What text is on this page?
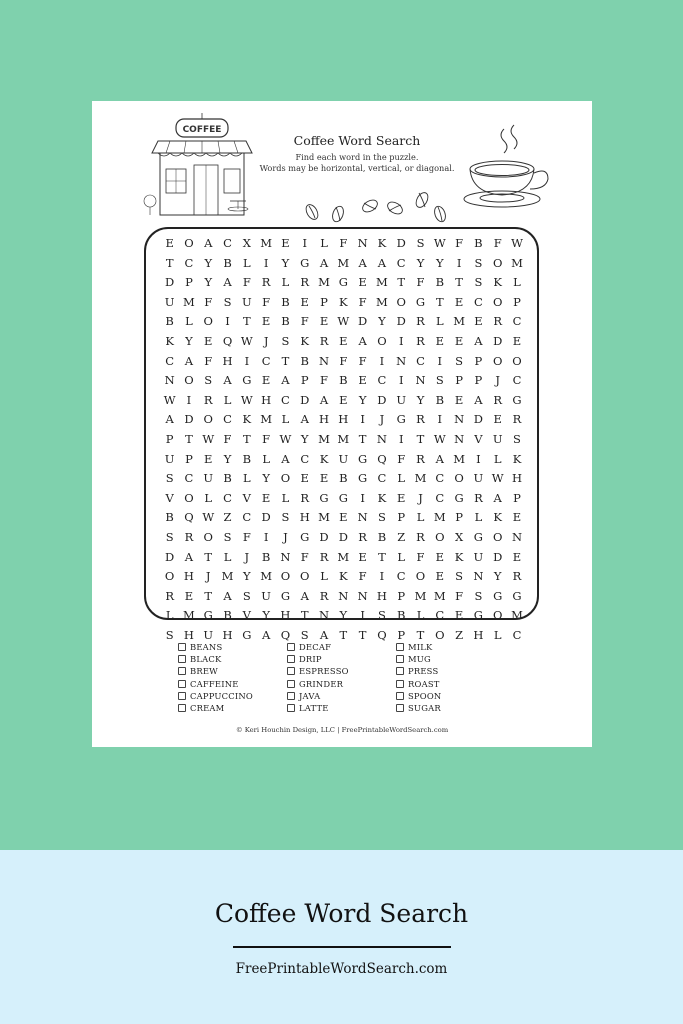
COFFEE
Coffee Word Search
Find each word in the puzzle.
Words may be horizontal, vertical, or diagonal.
E O A C X M E	I	L F N K D S W F B F W
T C Y B L	I	Y G A M A A C Y	Y	I	S O M
D P	Y A F R L R M G E M T F B T	S K L
U M F S U F B E P K F M O G T E C O P
B L O	I	T E B F E W D Y D R L M E R C
K Y E Q W J	S K R E A O	I	R E E A D E
C A F H	I	C T B N F F	I	N C	I	S P O O
N O S A G E A P F B E C	I	N S P	P	J	C
W I	R L W H C D A E Y D U Y B E A R G
A D O C K M L A H H	I	J	G R	I	N D E R
P	T W F T F W Y M M T N	I	T W N V U S
U P E Y B L A C K U G Q F R A M I	L K
S C U B L	Y O E E B G C L M C O U W H
V O L C V E L R G G	I	K E	J	C G R A P
B Q W Z C D S H M E N S P	L M P	L K E
S R O S F	I	J	G D D R B Z R O X G O N
D A T	L	J	B N F R M E T	L F E K U D E
O H	J M Y M O O L K F	I	C O E S N Y R
R E T A S U G A R N N H P M M F S G G
L M G B V Y H T N Y	I	S B L C E G O M
S H U H G A Q S A T	T Q P	T O Z H L C
BEANS
BLACK
BREW
CAFFEINE
CAPPUCCINO
CREAM
DECAF
DRIP
ESPRESSO
GRINDER
JAVA
LATTE
MILK
MUG
PRESS
ROAST
SPOON
SUGAR
© Keri Houchin Design, LLC | FreePrintableWordSearch.com
Coffee Word Search
FreePrintableWordSearch.com
